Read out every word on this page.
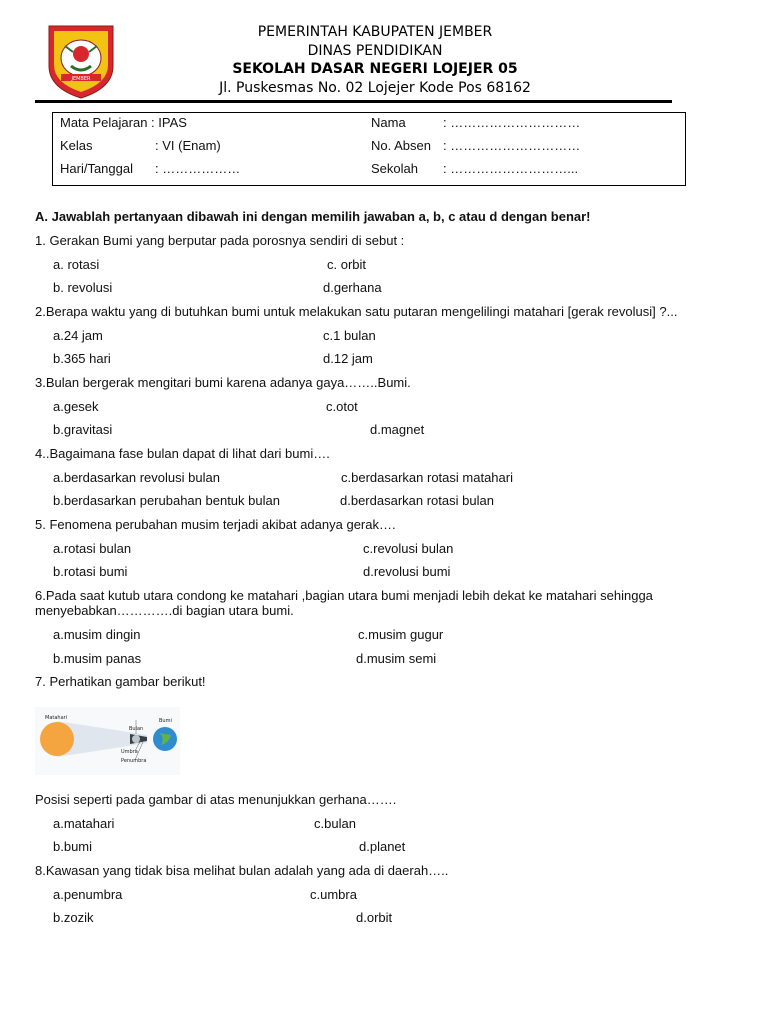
JEMBER
PEMERINTAH KABUPATEN JEMBER
DINAS PENDIDIKAN
SEKOLAH DASAR NEGERI LOJEJER 05
Jl. Puskesmas No. 02 Lojejer Kode Pos 68162
Mata Pelajaran : IPAS
Kelas	: VI (Enam)
Hari/Tanggal : ………………
Nama	: …………………………
No. Absen : …………………………
Sekolah : ………………………...
A. Jawablah pertanyaan dibawah ini dengan memilih jawaban a, b, c atau d dengan benar!
1. Gerakan Bumi yang berputar pada porosnya sendiri di sebut :
a. rotasi	c. orbit
b. revolusi	d.gerhana
2.Berapa waktu yang di butuhkan bumi untuk melakukan satu putaran mengelilingi matahari [gerak revolusi] ?...
a.24 jam	c.1 bulan
b.365 hari	d.12 jam
3.Bulan bergerak mengitari bumi karena adanya gaya……..Bumi.
a.gesek	c.otot
b.gravitasi	d.magnet
4..Bagaimana fase bulan dapat di lihat dari bumi….
a.berdasarkan revolusi bulan	c.berdasarkan rotasi matahari
b.berdasarkan perubahan bentuk bulan	d.berdasarkan rotasi bulan
5. Fenomena perubahan musim terjadi akibat adanya gerak….
a.rotasi bulan	c.revolusi bulan
b.rotasi bumi	d.revolusi bumi
6.Pada saat kutub utara condong ke matahari ,bagian utara bumi menjadi lebih dekat ke matahari sehingga
menyebabkan………….di bagian utara bumi.
a.musim dingin	c.musim gugur
b.musim panas	d.musim semi
7. Perhatikan gambar berikut!
Matahari
Bulan
Bumi
Umbra
Penumbra
Posisi seperti pada gambar di atas menunjukkan gerhana…….
a.matahari	c.bulan
b.bumi	d.planet
8.Kawasan yang tidak bisa melihat bulan adalah yang ada di daerah…..
a.penumbra	c.umbra
b.zozik	d.orbit
